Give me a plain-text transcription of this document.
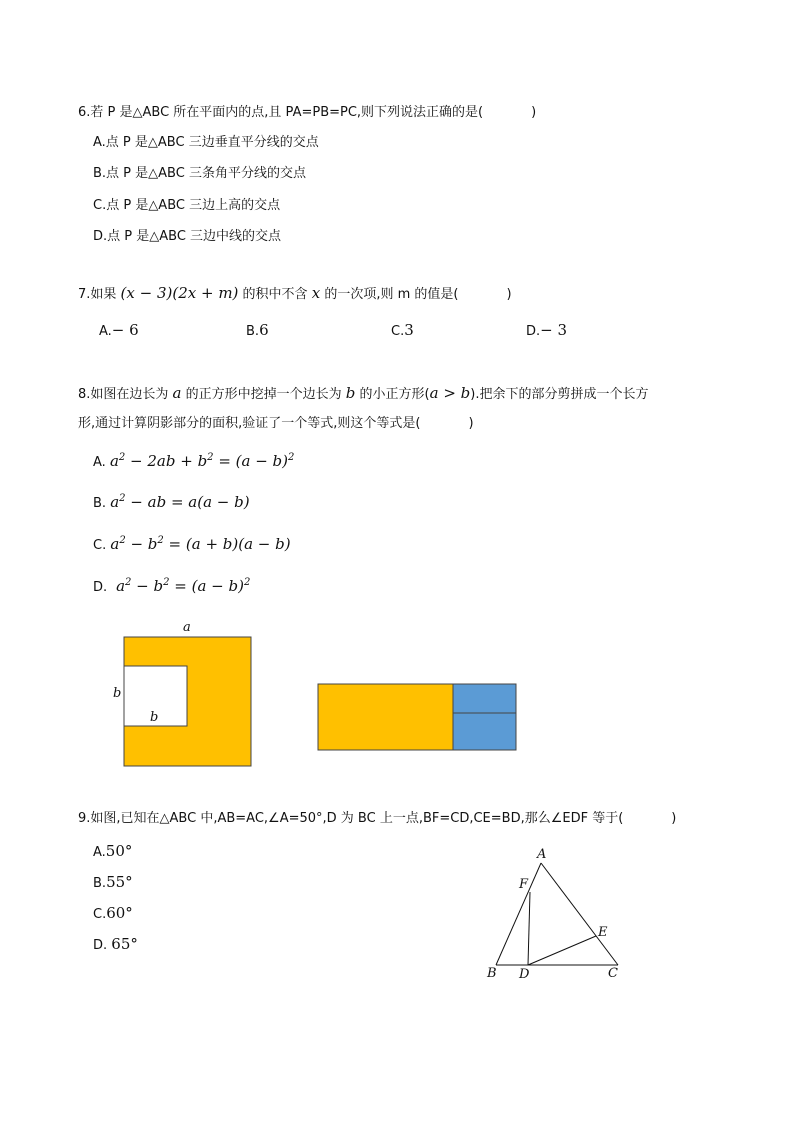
6.若 P 是△ABC 所在平面内的点,且 PA=PB=PC,则下列说法正确的是(	)
A.点 P 是△ABC 三边垂直平分线的交点
B.点 P 是△ABC 三条角平分线的交点
C.点 P 是△ABC 三边上高的交点
D.点 P 是△ABC 三边中线的交点
7.如果 (x − 3)(2x + m) 的积中不含 x 的一次项,则 m 的值是(	)
A.− 6	B.6	C.3	D.− 3
8.如图在边长为 a 的正方形中挖掉一个边长为 b 的小正方形(a > b).把余下的部分剪拼成一个长方
形,通过计算阴影部分的面积,验证了一个等式,则这个等式是(	)
A. $a^2 - 2ab + b^2 = (a - b)^2$
B. $a^2$ − ab = a(a − b)
C. $a^2 - b^2 = (a + b)(a - b)$
D.  $a^2 - b^2 = (a - b)^2$
a
b
b
9.如图,已知在△ABC 中,AB=AC,∠A=50°,D 为 BC 上一点,BF=CD,CE=BD,那么∠EDF 等于(	)
A.50°
B.55°
C.60°
D. 65°
A
F
E
B D	C
